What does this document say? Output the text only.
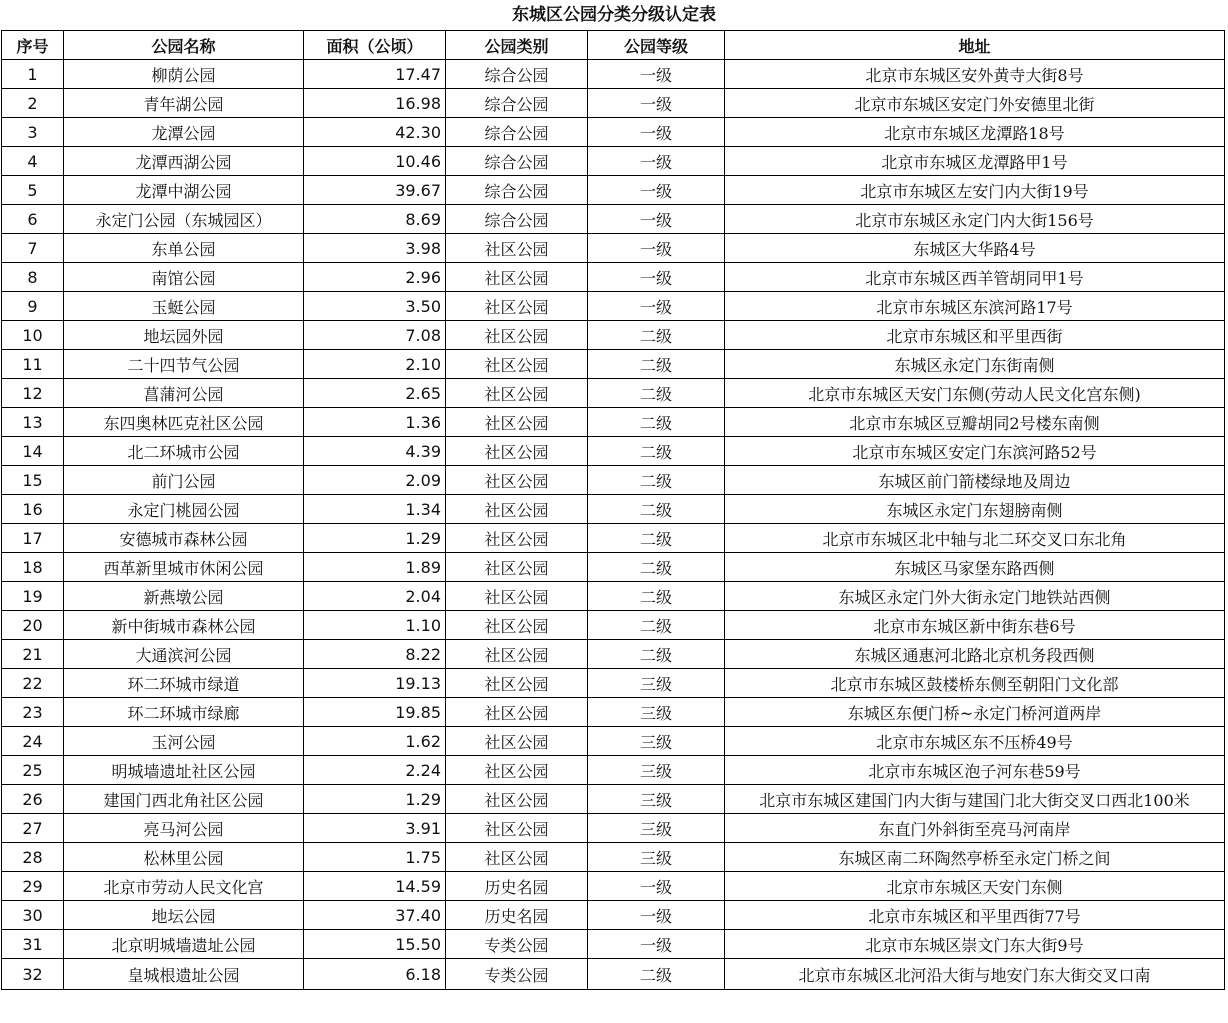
东城区公园分类分级认定表
序号	公园名称	面积（公顷）	公园类别	公园等级	地址
1	柳荫公园	17.47	综合公园	一级	北京市东城区安外黄寺大街8号
2	青年湖公园	16.98	综合公园	一级	北京市东城区安定门外安德里北街
3	龙潭公园	42.30	综合公园	一级	北京市东城区龙潭路18号
4	龙潭西湖公园	10.46	综合公园	一级	北京市东城区龙潭路甲1号
5	龙潭中湖公园	39.67	综合公园	一级	北京市东城区左安门内大街19号
6	永定门公园（东城园区）	8.69	综合公园	一级	北京市东城区永定门内大街156号
7	东单公园	3.98	社区公园	一级	东城区大华路4号
8	南馆公园	2.96	社区公园	一级	北京市东城区西羊管胡同甲1号
9	玉蜓公园	3.50	社区公园	一级	北京市东城区东滨河路17号
10	地坛园外园	7.08	社区公园	二级	北京市东城区和平里西街
11	二十四节气公园	2.10	社区公园	二级	东城区永定门东街南侧
12	菖蒲河公园	2.65	社区公园	二级	北京市东城区天安门东侧(劳动人民文化宫东侧)
13	东四奥林匹克社区公园	1.36	社区公园	二级	北京市东城区豆瓣胡同2号楼东南侧
14	北二环城市公园	4.39	社区公园	二级	北京市东城区安定门东滨河路52号
15	前门公园	2.09	社区公园	二级	东城区前门箭楼绿地及周边
16	永定门桃园公园	1.34	社区公园	二级	东城区永定门东翅膀南侧
17	安德城市森林公园	1.29	社区公园	二级	北京市东城区北中轴与北二环交叉口东北角
18	西革新里城市休闲公园	1.89	社区公园	二级	东城区马家堡东路西侧
19	新燕墩公园	2.04	社区公园	二级	东城区永定门外大街永定门地铁站西侧
20	新中街城市森林公园	1.10	社区公园	二级	北京市东城区新中街东巷6号
21	大通滨河公园	8.22	社区公园	二级	东城区通惠河北路北京机务段西侧
22	环二环城市绿道	19.13	社区公园	三级	北京市东城区鼓楼桥东侧至朝阳门文化部
23	环二环城市绿廊	19.85	社区公园	三级	东城区东便门桥~永定门桥河道两岸
24	玉河公园	1.62	社区公园	三级	北京市东城区东不压桥49号
25	明城墙遗址社区公园	2.24	社区公园	三级	北京市东城区泡子河东巷59号
26	建国门西北角社区公园	1.29	社区公园	三级	北京市东城区建国门内大街与建国门北大街交叉口西北100米
27	亮马河公园	3.91	社区公园	三级	东直门外斜街至亮马河南岸
28	松林里公园	1.75	社区公园	三级	东城区南二环陶然亭桥至永定门桥之间
29	北京市劳动人民文化宫	14.59	历史名园	一级	北京市东城区天安门东侧
30	地坛公园	37.40	历史名园	一级	北京市东城区和平里西街77号
31	北京明城墙遗址公园	15.50	专类公园	一级	北京市东城区崇文门东大街9号
32	皇城根遗址公园	6.18	专类公园	二级	北京市东城区北河沿大街与地安门东大街交叉口南
